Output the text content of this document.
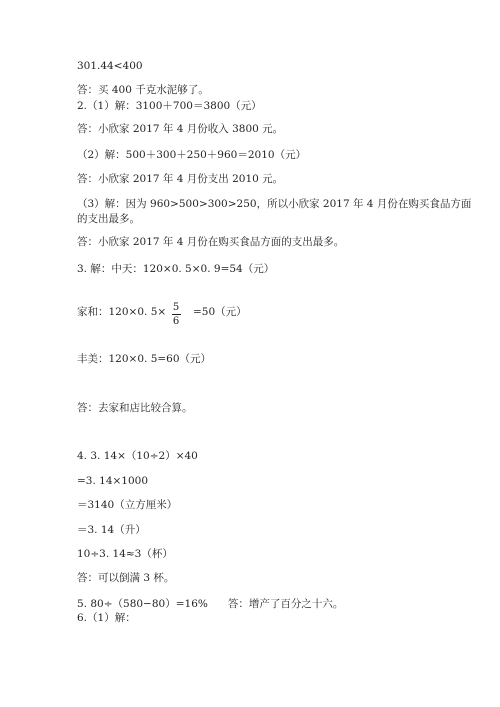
301.44<400
答：买 400 千克水泥够了。
2.（1）解：3100＋700＝3800（元）
答：小欣家 2017 年 4 月份收入 3800 元。
（2）解：500＋300＋250＋960＝2010（元）
答：小欣家 2017 年 4 月份支出 2010 元。
（3）解：因为 960>500>300>250，所以小欣家 2017 年 4 月份在购买食品方面
的支出最多。
答：小欣家 2017 年 4 月份在购买食品方面的支出最多。
3. 解：中天：120×0. 5×0. 9=54（元）
家和：120×0. 5× 5
6
=50（元）
丰美：120×0. 5=60（元）
答：去家和店比较合算。
4. 3. 14×（10÷2）×40
=3. 14×1000
＝3140（立方厘米）
＝3. 14（升）
10÷3. 14≈3（杯）
答：可以倒满 3 杯。
5. 80÷（580−80）=16%      答：增产了百分之十六。
6.（1）解：
